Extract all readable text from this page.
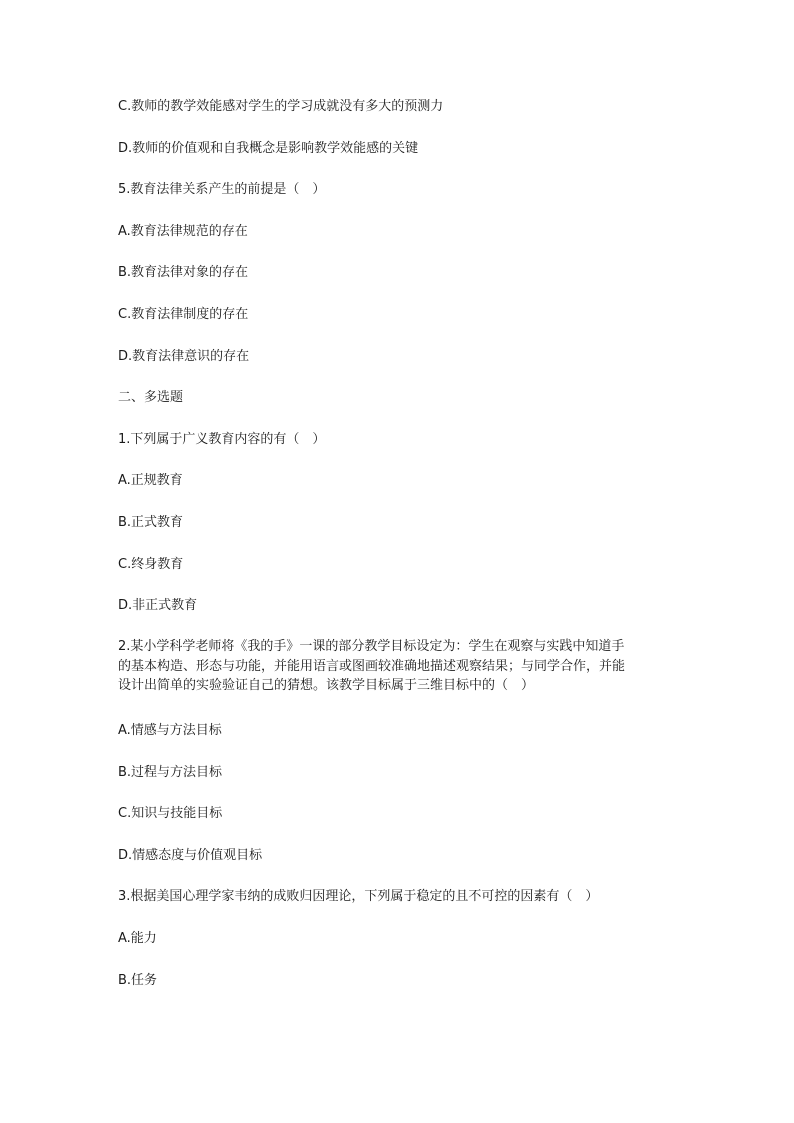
C.教师的教学效能感对学生的学习成就没有多大的预测力
D.教师的价值观和自我概念是影响教学效能感的关键
5.教育法律关系产生的前提是（　）
A.教育法律规范的存在
B.教育法律对象的存在
C.教育法律制度的存在
D.教育法律意识的存在
二、多选题
1.下列属于广义教育内容的有（　）
A.正规教育
B.正式教育
C.终身教育
D.非正式教育
2.某小学科学老师将《我的手》一课的部分教学目标设定为：学生在观察与实践中知道手
的基本构造、形态与功能，并能用语言或图画较准确地描述观察结果；与同学合作，并能
设计出简单的实验验证自己的猜想。该教学目标属于三维目标中的（　）
A.情感与方法目标
B.过程与方法目标
C.知识与技能目标
D.情感态度与价值观目标
3.根据美国心理学家韦纳的成败归因理论，下列属于稳定的且不可控的因素有（　）
A.能力
B.任务
